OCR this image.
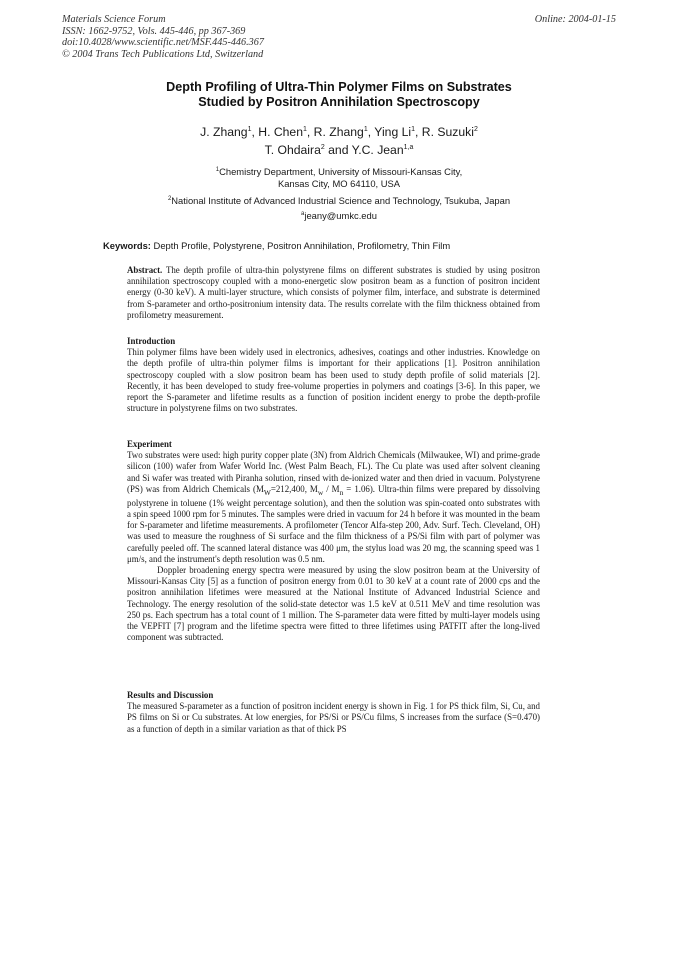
Materials Science Forum
ISSN: 1662-9752, Vols. 445-446, pp 367-369
doi:10.4028/www.scientific.net/MSF.445-446.367
© 2004 Trans Tech Publications Ltd, Switzerland
Online: 2004-01-15
Depth Profiling of Ultra-Thin Polymer Films on Substrates
Studied by Positron Annihilation Spectroscopy
J. Zhang$^1$, H. Chen$^1$, R. Zhang$^1$, Ying Li$^1$, R. Suzuki$^2$
T. Ohdaira$^2$ and Y.C. Jean$^{1,a}$
$^1$Chemistry Department, University of Missouri-Kansas City,
Kansas City, MO 64110, USA
$^2$National Institute of Advanced Industrial Science and Technology, Tsukuba, Japan
$^a$jeany@umkc.edu
Keywords: Depth Profile, Polystyrene, Positron Annihilation, Profilometry, Thin Film

Abstract. The depth profile of ultra-thin polystyrene films on different substrates is studied by using positron annihilation spectroscopy coupled with a mono-energetic slow positron beam as a function of positron incident energy (0-30 keV). A multi-layer structure, which consists of polymer film, interface, and substrate is determined from S-parameter and ortho-positronium intensity data. The results correlate with the film thickness obtained from profilometry measurement.

Introduction

Thin polymer films have been widely used in electronics, adhesives, coatings and other industries. Knowledge on the depth profile of ultra-thin polymer films is important for their applications [1]. Positron annihilation spectroscopy coupled with a slow positron beam has been used to study depth profile of solid materials [2]. Recently, it has been developed to study free-volume properties in polymers and coatings [3-6]. In this paper, we report the S-parameter and lifetime results as a function of position incident energy to probe the depth-profile structure in polystyrene films on two substrates.

Experiment

Two substrates were used: high purity copper plate (3N) from Aldrich Chemicals (Milwaukee, WI) and prime-grade silicon (100) wafer from Wafer World Inc. (West Palm Beach, FL). The Cu plate was used after solvent cleaning and Si wafer was treated with Piranha solution, rinsed with de-ionized water and then dried in vacuum. Polystyrene (PS) was from Aldrich Chemicals ($M_W=212,400$, $M_w / M_n = 1.06$). Ultra-thin films were prepared by dissolving polystyrene in toluene (1% weight percentage solution), and then the solution was spin-coated onto substrates with a spin speed 1000 rpm for 5 minutes. The samples were dried in vacuum for 24 h before it was mounted in the beam for S-parameter and lifetime measurements. A profilometer (Tencor Alfa-step 200, Adv. Surf. Tech. Cleveland, OH) was used to measure the roughness of Si surface and the film thickness of a PS/Si film with part of polymer was carefully peeled off. The scanned lateral distance was 400 μm, the stylus load was 20 mg, the scanning speed was 1 μm/s, and the instrument's depth resolution was 0.5 nm.

Doppler broadening energy spectra were measured by using the slow positron beam at the University of Missouri-Kansas City [5] as a function of positron energy from 0.01 to 30 keV at a count rate of 2000 cps and the positron annihilation lifetimes were measured at the National Institute of Advanced Industrial Science and Technology. The energy resolution of the solid-state detector was 1.5 keV at 0.511 MeV and time resolution was 250 ps. Each spectrum has a total count of 1 million. The S-parameter data were fitted by multi-layer models using the VEPFIT [7] program and the lifetime spectra were fitted to three lifetimes using PATFIT after the long-lived component was subtracted.

Results and Discussion

The measured S-parameter as a function of positron incident energy is shown in Fig. 1 for PS thick film, Si, Cu, and PS films on Si or Cu substrates. At low energies, for PS/Si or PS/Cu films, S increases from the surface (S=0.470) as a function of depth in a similar variation as that of thick PS
